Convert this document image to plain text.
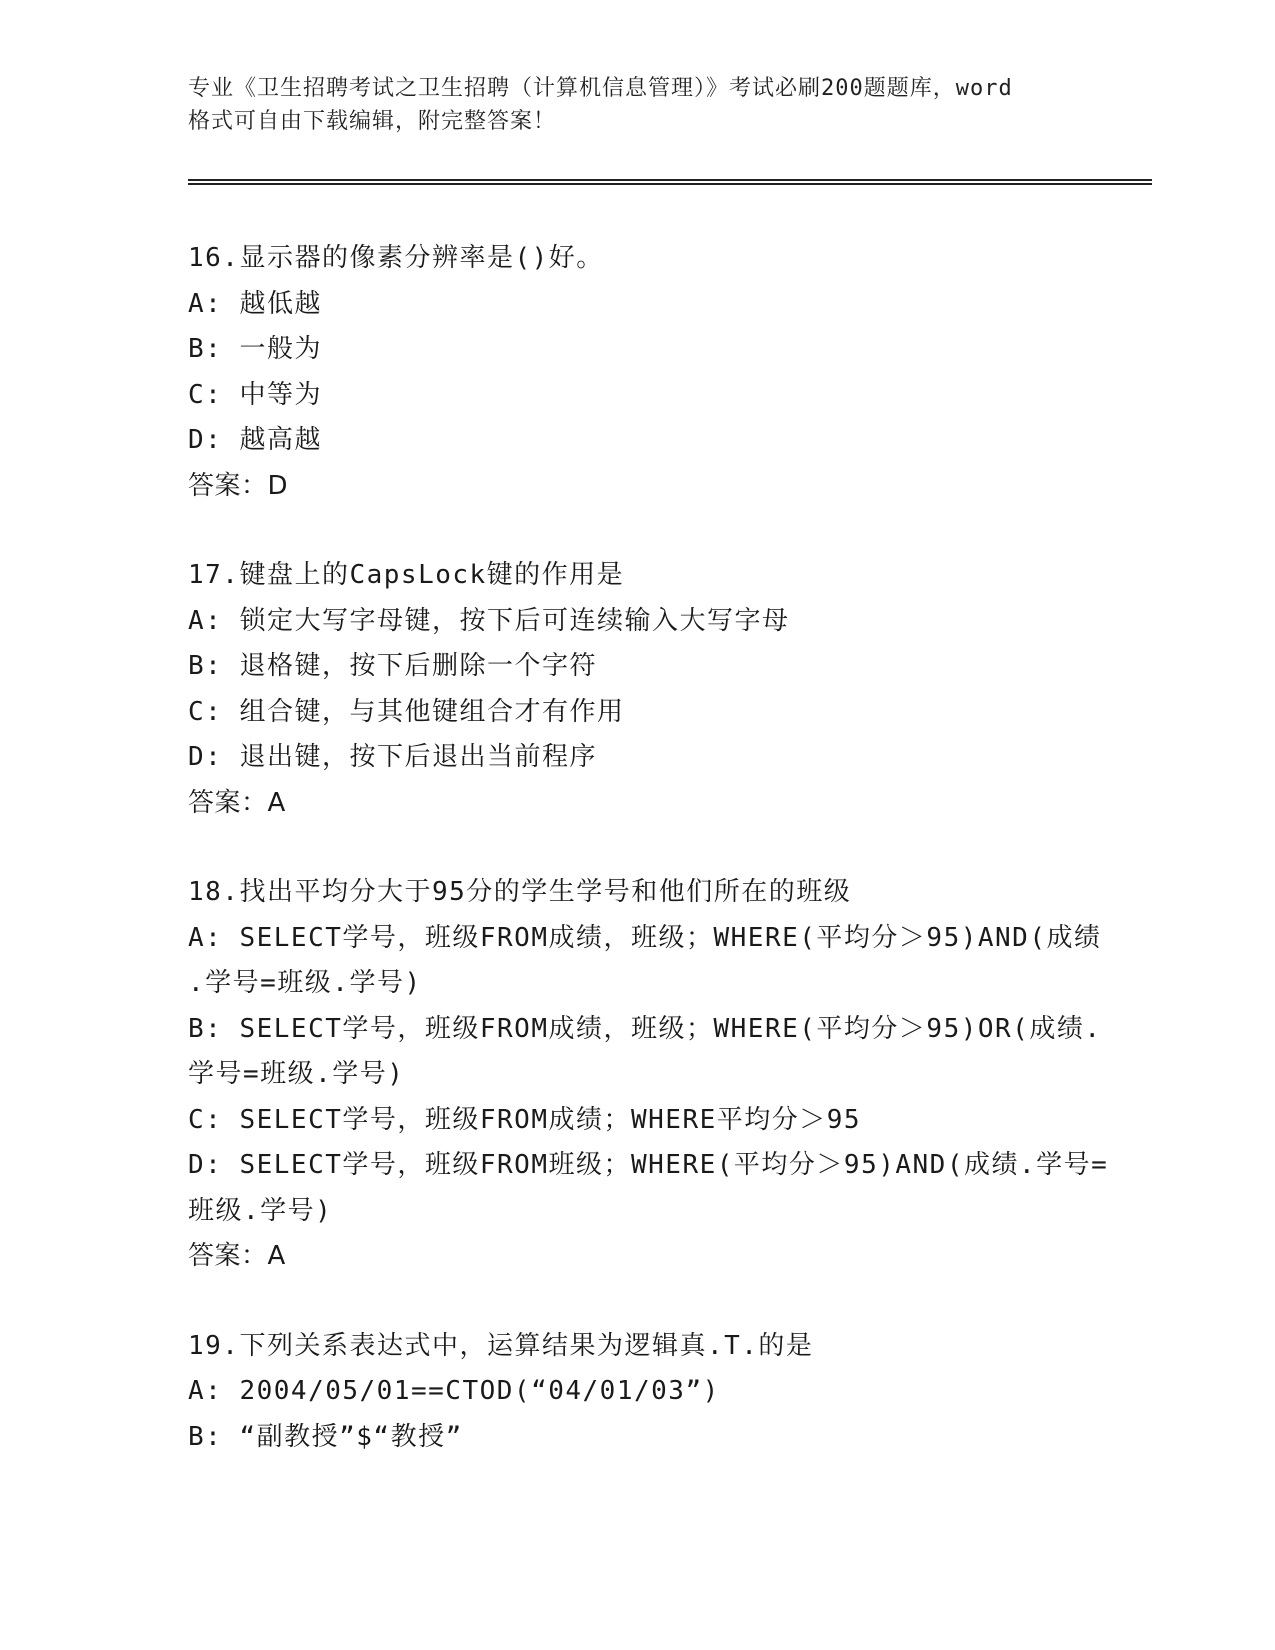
专业《卫生招聘考试之卫生招聘（计算机信息管理）》考试必刷200题题库，word
格式可自由下载编辑，附完整答案！
16.显示器的像素分辨率是()好。
A: 越低越
B: 一般为
C: 中等为
D: 越高越
答案：D
17.键盘上的CapsLock键的作用是
A: 锁定大写字母键，按下后可连续输入大写字母
B: 退格键，按下后删除一个字符
C: 组合键，与其他键组合才有作用
D: 退出键，按下后退出当前程序
答案：A
18.找出平均分大于95分的学生学号和他们所在的班级
A: SELECT学号，班级FROM成绩，班级；WHERE(平均分＞95)AND(成绩
.学号=班级.学号)
B: SELECT学号，班级FROM成绩，班级；WHERE(平均分＞95)OR(成绩.
学号=班级.学号)
C: SELECT学号，班级FROM成绩；WHERE平均分＞95
D: SELECT学号，班级FROM班级；WHERE(平均分＞95)AND(成绩.学号=
班级.学号)
答案：A
19.下列关系表达式中，运算结果为逻辑真.T.的是
A: 2004/05/01==CTOD(“04/01/03”)
B: “副教授”$“教授”
